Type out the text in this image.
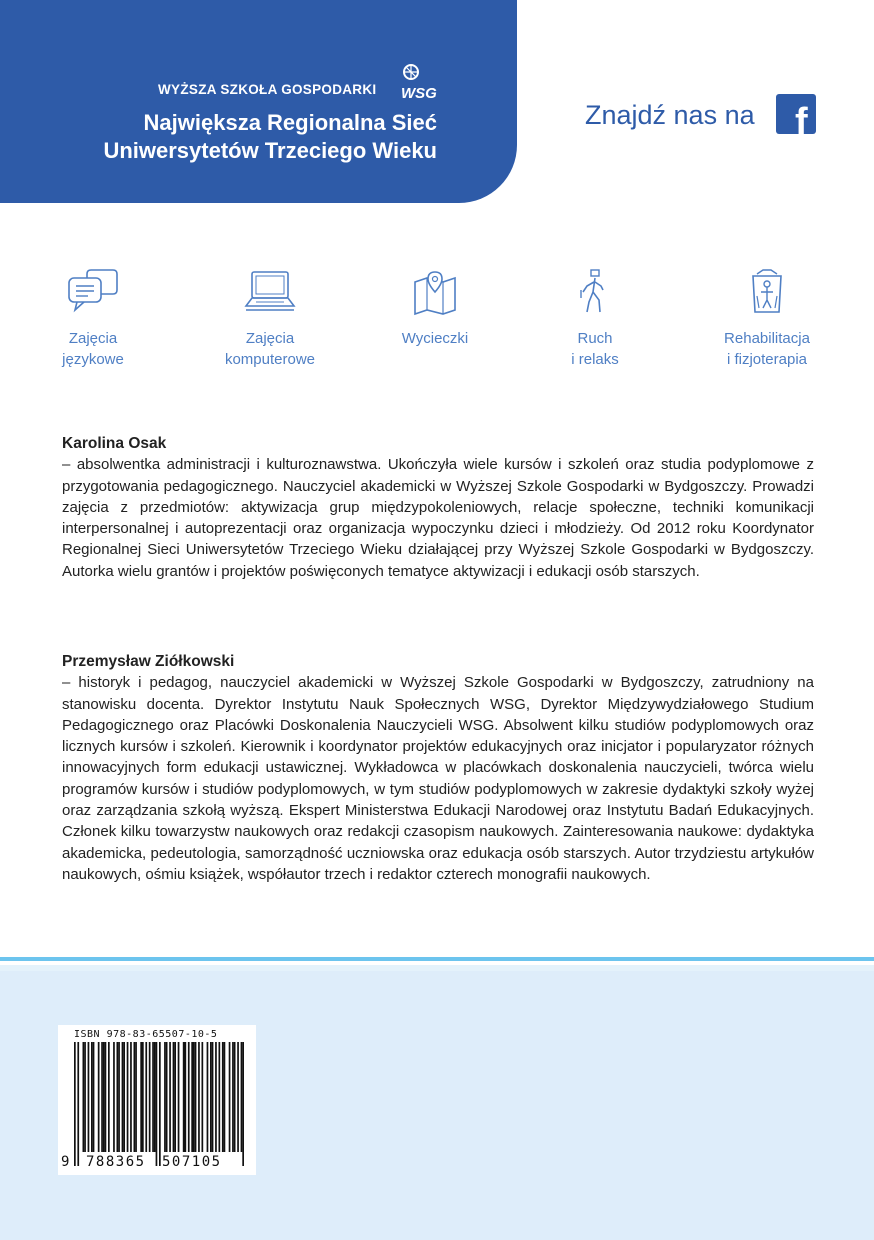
WYŻSZA SZKOŁA GOSPODARKI WSG
Największa Regionalna Sieć
Uniwersytetów Trzeciego Wieku
Znajdź nas na f
Zajęcia
językowe
Zajęcia
komputerowe
Wycieczki	Ruch
i relaks
Rehabilitacja
i fizjoterapia
Karolina Osak
– absolwentka administracji i kulturoznawstwa. Ukończyła wiele kursów i szkoleń oraz studia podyplomowe z przygotowania pedagogicznego. Nauczyciel akademicki w Wyższej Szkole Gospodarki w Bydgoszczy. Prowadzi zajęcia z przedmiotów: aktywizacja grup międzypokoleniowych, relacje społeczne, techniki komunikacji interpersonalnej i autoprezentacji oraz organizacja wypoczynku dzieci i młodzieży. Od 2012 roku Koordynator Regionalnej Sieci Uniwersytetów Trzeciego Wieku działającej przy Wyższej Szkole Gospodarki w Bydgoszczy. Autorka wielu grantów i projektów poświęconych tematyce aktywizacji i edukacji osób starszych.
Przemysław Ziółkowski
– historyk i pedagog, nauczyciel akademicki w Wyższej Szkole Gospodarki w Bydgoszczy, zatrudniony na stanowisku docenta. Dyrektor Instytutu Nauk Społecznych WSG, Dyrektor Międzywydziałowego Studium Pedagogicznego oraz Placówki Doskonalenia Nauczycieli WSG. Absolwent kilku studiów podyplomowych oraz licznych kursów i szkoleń. Kierownik i koordynator projektów edukacyjnych oraz inicjator i popularyzator różnych innowacyjnych form edukacji ustawicznej. Wykładowca w placówkach doskonalenia nauczycieli, twórca wielu programów kursów i studiów podyplomowych, w tym studiów podyplomowych w zakresie dydaktyki szkoły wyżej oraz zarządzania szkołą wyższą. Ekspert Ministerstwa Edukacji Narodowej oraz Instytutu Badań Edukacyjnych. Członek kilku towarzystw naukowych oraz redakcji czasopism naukowych. Zainteresowania naukowe: dydaktyka akademicka, pedeutologia, samorządność uczniowska oraz edukacja osób starszych. Autor trzydziestu artykułów naukowych, ośmiu książek, współautor trzech i redaktor czterech monografii naukowych.
ISBN 978-83-65507-10-5
9 788365 507105
